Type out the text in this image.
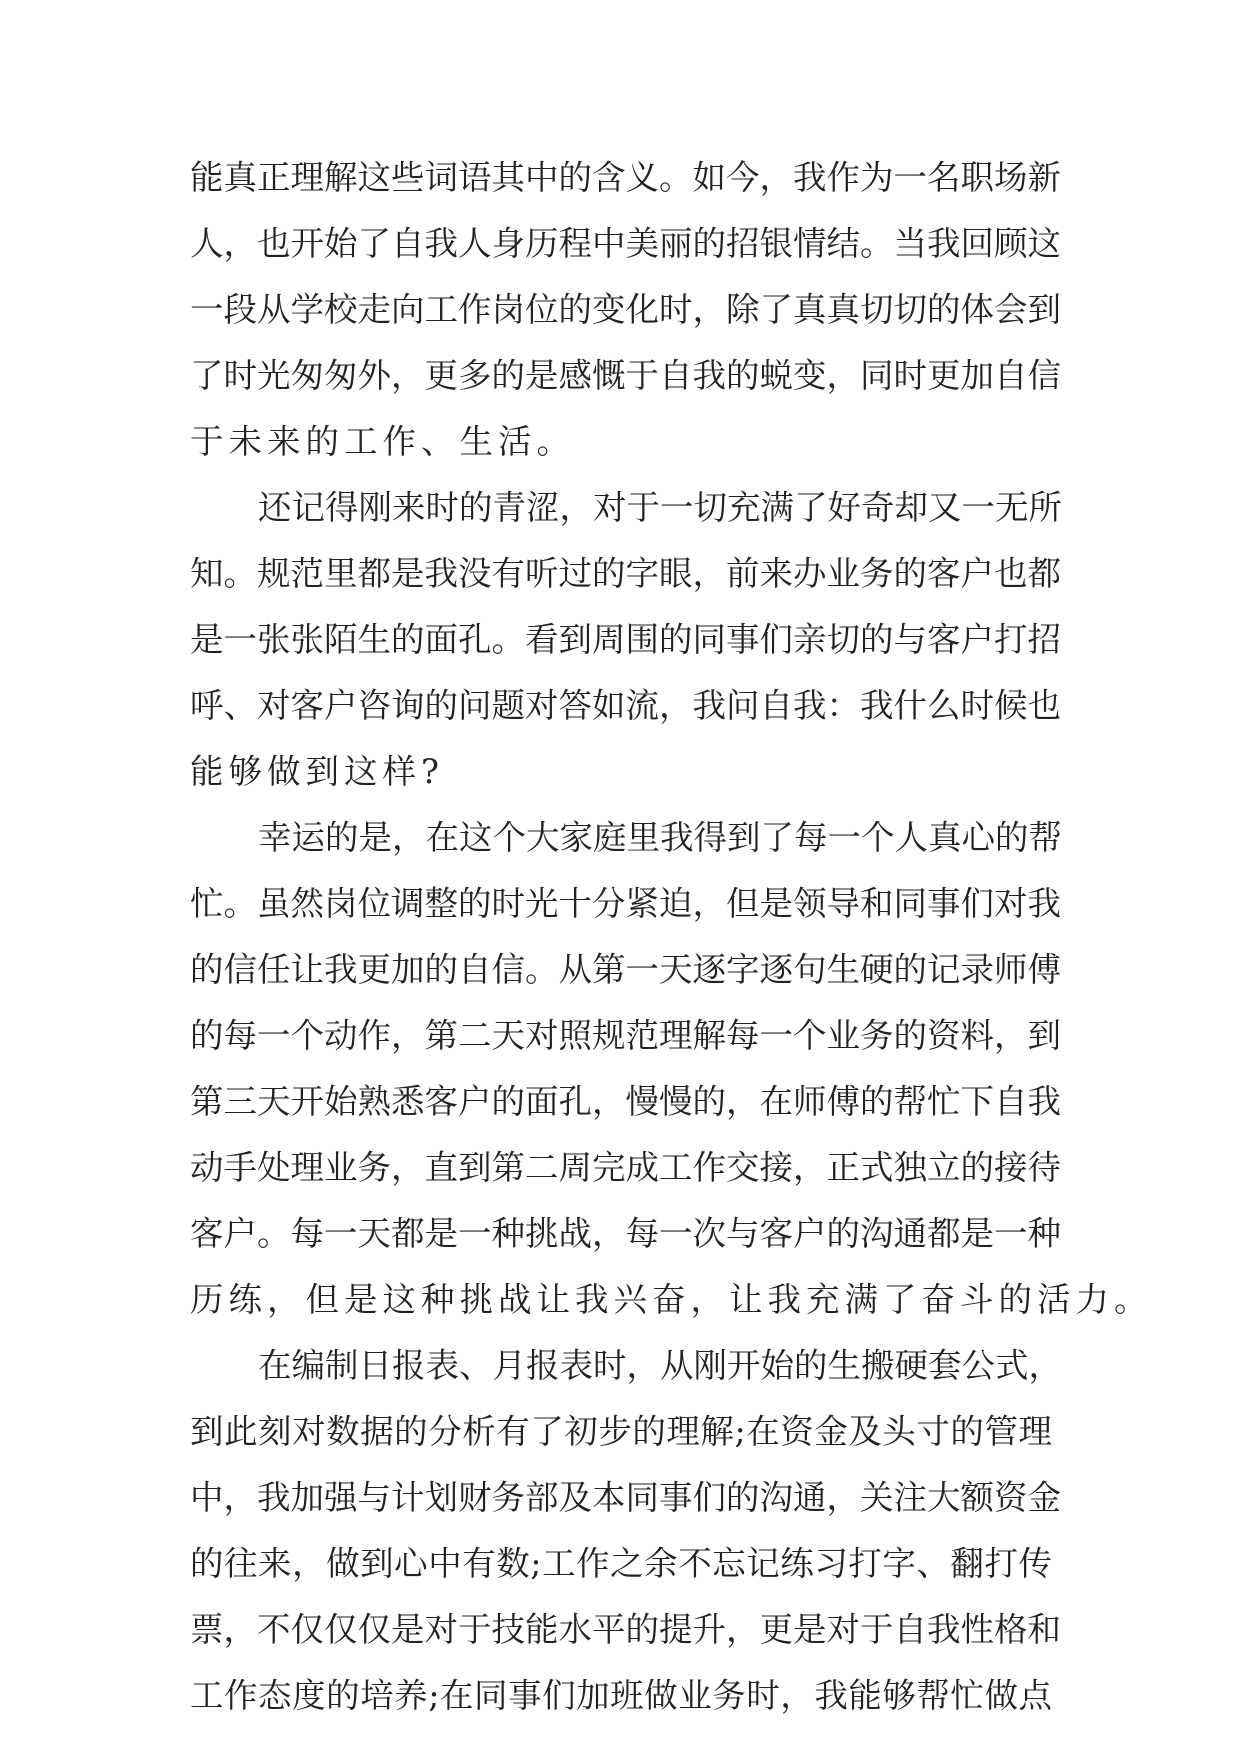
能真正理解这些词语其中的含义。如今，我作为一名职场新
人，也开始了自我人身历程中美丽的招银情结。当我回顾这
一段从学校走向工作岗位的变化时，除了真真切切的体会到
了时光匆匆外，更多的是感慨于自我的蜕变，同时更加自信
于未来的工作、生活。
还记得刚来时的青涩，对于一切充满了好奇却又一无所
知。规范里都是我没有听过的字眼，前来办业务的客户也都
是一张张陌生的面孔。看到周围的同事们亲切的与客户打招
呼、对客户咨询的问题对答如流，我问自我：我什么时候也
能够做到这样?
幸运的是，在这个大家庭里我得到了每一个人真心的帮
忙。虽然岗位调整的时光十分紧迫，但是领导和同事们对我
的信任让我更加的自信。从第一天逐字逐句生硬的记录师傅
的每一个动作，第二天对照规范理解每一个业务的资料，到
第三天开始熟悉客户的面孔，慢慢的，在师傅的帮忙下自我
动手处理业务，直到第二周完成工作交接，正式独立的接待
客户。每一天都是一种挑战，每一次与客户的沟通都是一种
历练，但是这种挑战让我兴奋，让我充满了奋斗的活力。
在编制日报表、月报表时，从刚开始的生搬硬套公式，
到此刻对数据的分析有了初步的理解;在资金及头寸的管理
中，我加强与计划财务部及本同事们的沟通，关注大额资金
的往来，做到心中有数;工作之余不忘记练习打字、翻打传
票，不仅仅仅是对于技能水平的提升，更是对于自我性格和
工作态度的培养;在同事们加班做业务时，我能够帮忙做点
